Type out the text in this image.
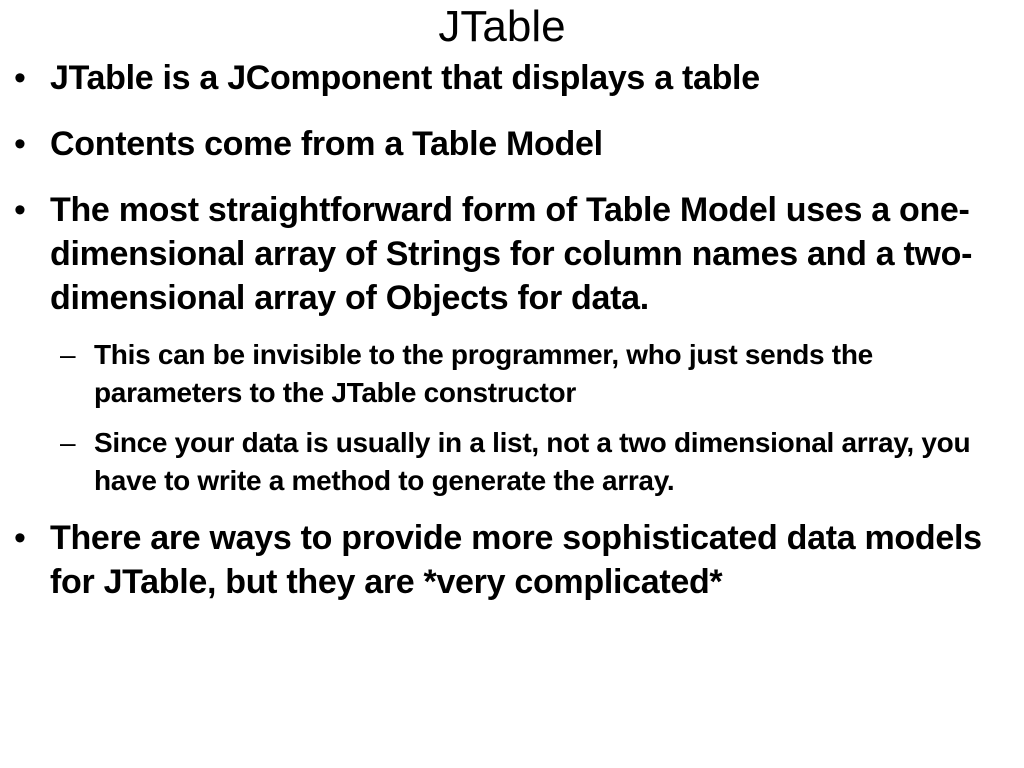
JTable
• JTable is a JComponent that displays a table
• Contents come from a Table Model
• The most straightforward form of Table Model uses a one-dimensional array of Strings for column names and a two-dimensional array of Objects for data.
– This can be invisible to the programmer, who just sends the parameters to the JTable constructor
– Since your data is usually in a list, not a two dimensional array, you have to write a method to generate the array.
• There are ways to provide more sophisticated data models for JTable, but they are *very complicated*
